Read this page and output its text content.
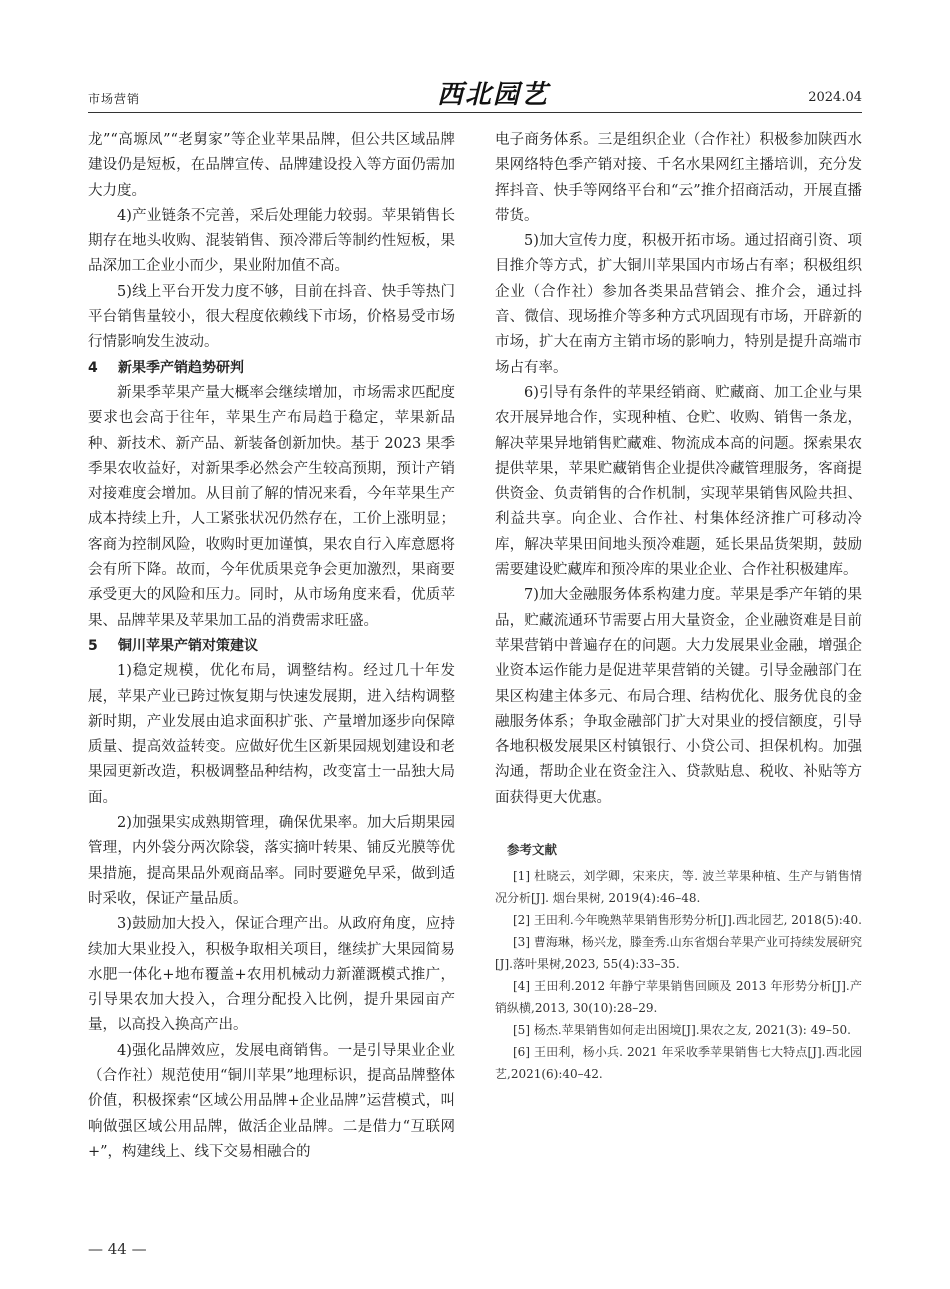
市场营销	西北园艺	2024.04

龙”“高塬凤”“老舅家”等企业苹果品牌，但公共区域品牌建设仍是短板，在品牌宣传、品牌建设投入等方面仍需加大力度。

4)产业链条不完善，采后处理能力较弱。苹果销售长期存在地头收购、混装销售、预冷滞后等制约性短板，果品深加工企业小而少，果业附加值不高。

5)线上平台开发力度不够，目前在抖音、快手等热门平台销售量较小，很大程度依赖线下市场，价格易受市场行情影响发生波动。

4 新果季产销趋势研判

新果季苹果产量大概率会继续增加，市场需求匹配度要求也会高于往年，苹果生产布局趋于稳定，苹果新品种、新技术、新产品、新装备创新加快。基于 2023 果季季果农收益好，对新果季必然会产生较高预期，预计产销对接难度会增加。从目前了解的情况来看，今年苹果生产成本持续上升，人工紧张状况仍然存在，工价上涨明显；客商为控制风险，收购时更加谨慎，果农自行入库意愿将会有所下降。故而，今年优质果竞争会更加激烈，果商要承受更大的风险和压力。同时，从市场角度来看，优质苹果、品牌苹果及苹果加工品的消费需求旺盛。

5 铜川苹果产销对策建议

1)稳定规模，优化布局，调整结构。经过几十年发展，苹果产业已跨过恢复期与快速发展期，进入结构调整新时期，产业发展由追求面积扩张、产量增加逐步向保障质量、提高效益转变。应做好优生区新果园规划建设和老果园更新改造，积极调整品种结构，改变富士一品独大局面。

2)加强果实成熟期管理，确保优果率。加大后期果园管理，内外袋分两次除袋，落实摘叶转果、铺反光膜等优果措施，提高果品外观商品率。同时要避免早采，做到适时采收，保证产量品质。

3)鼓励加大投入，保证合理产出。从政府角度，应持续加大果业投入，积极争取相关项目，继续扩大果园简易水肥一体化+地布覆盖+农用机械动力新灌溉模式推广，引导果农加大投入，合理分配投入比例，提升果园亩产量，以高投入换高产出。

4)强化品牌效应，发展电商销售。一是引导果业企业（合作社）规范使用“铜川苹果”地理标识，提高品牌整体价值，积极探索“区域公用品牌+企业品牌”运营模式，叫响做强区域公用品牌，做活企业品牌。二是借力“互联网+”，构建线上、线下交易相融合的

电子商务体系。三是组织企业（合作社）积极参加陕西水果网络特色季产销对接、千名水果网红主播培训，充分发挥抖音、快手等网络平台和“云”推介招商活动，开展直播带货。

5)加大宣传力度，积极开拓市场。通过招商引资、项目推介等方式，扩大铜川苹果国内市场占有率；积极组织企业（合作社）参加各类果品营销会、推介会，通过抖音、微信、现场推介等多种方式巩固现有市场，开辟新的市场，扩大在南方主销市场的影响力，特别是提升高端市场占有率。

6)引导有条件的苹果经销商、贮藏商、加工企业与果农开展异地合作，实现种植、仓贮、收购、销售一条龙，解决苹果异地销售贮藏难、物流成本高的问题。探索果农提供苹果，苹果贮藏销售企业提供冷藏管理服务，客商提供资金、负责销售的合作机制，实现苹果销售风险共担、利益共享。向企业、合作社、村集体经济推广可移动冷库，解决苹果田间地头预冷难题，延长果品货架期，鼓励需要建设贮藏库和预冷库的果业企业、合作社积极建库。

7)加大金融服务体系构建力度。苹果是季产年销的果品，贮藏流通环节需要占用大量资金，企业融资难是目前苹果营销中普遍存在的问题。大力发展果业金融，增强企业资本运作能力是促进苹果营销的关键。引导金融部门在果区构建主体多元、布局合理、结构优化、服务优良的金融服务体系；争取金融部门扩大对果业的授信额度，引导各地积极发展果区村镇银行、小贷公司、担保机构。加强沟通，帮助企业在资金注入、贷款贴息、税收、补贴等方面获得更大优惠。

参考文献

[1] 杜晓云，刘学卿，宋来庆，等. 波兰苹果种植、生产与销售情况分析[J]. 烟台果树, 2019(4):46–48.

[2] 王田利.今年晚熟苹果销售形势分析[J].西北园艺, 2018(5):40.

[3] 曹海琳，杨兴龙，滕奎秀.山东省烟台苹果产业可持续发展研究[J].落叶果树,2023, 55(4):33–35.

[4] 王田利.2012 年静宁苹果销售回顾及 2013 年形势分析[J].产销纵横,2013, 30(10):28–29.

[5] 杨杰.苹果销售如何走出困境[J].果农之友, 2021(3): 49–50.

[6] 王田利，杨小兵. 2021 年采收季苹果销售七大特点[J].西北园艺,2021(6):40–42.

— 44 —
